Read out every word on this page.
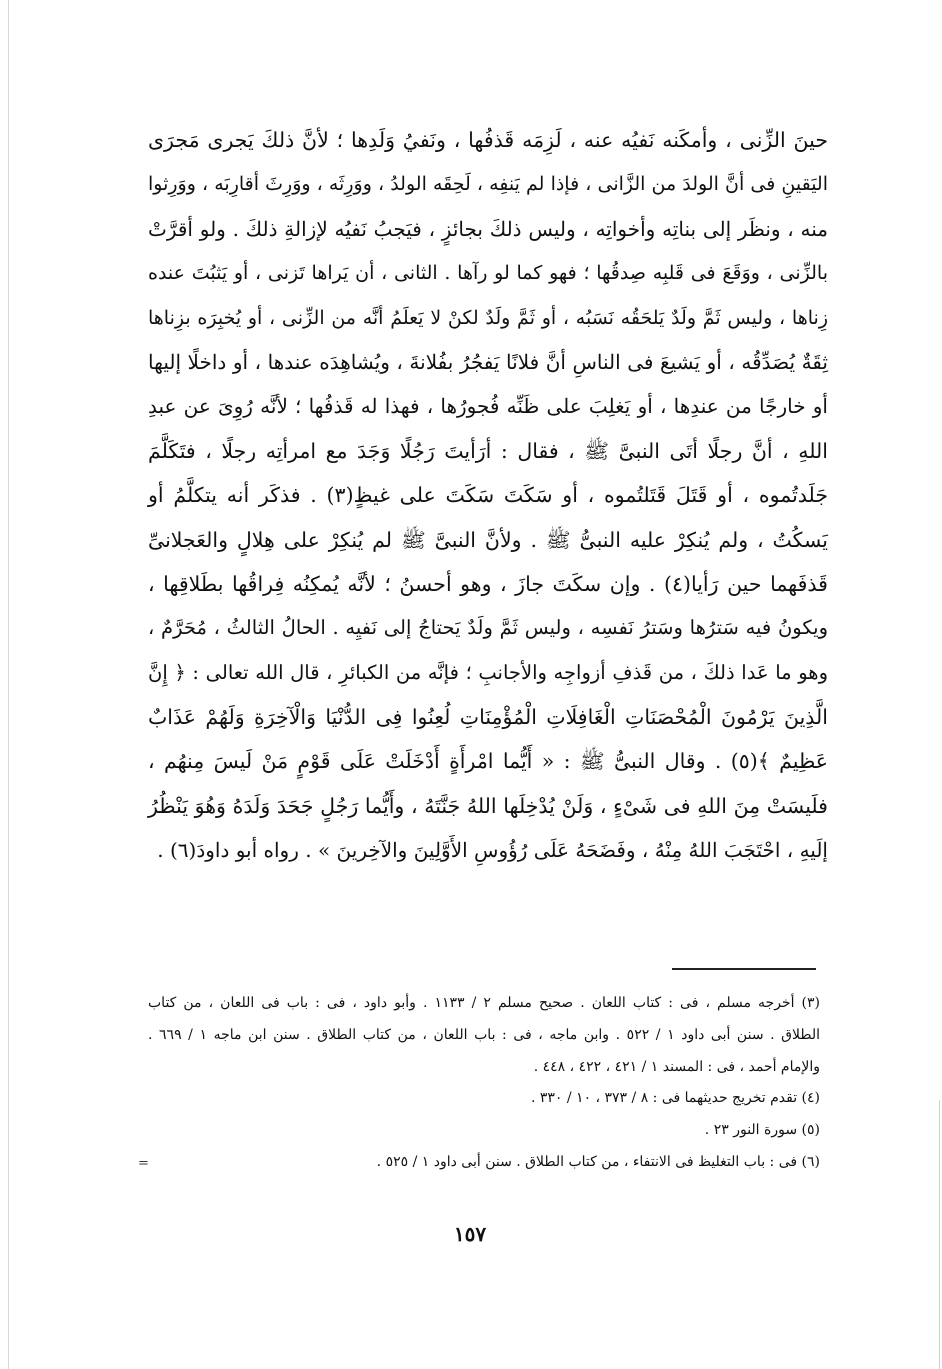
حينَ الزِّنى ، وأمكَنه نَفيُه عنه ، لَزِمَه قَذفُها ، ونَفيُ وَلَدِها ؛ لأنَّ ذلكَ يَجرى مَجرَى
اليَقينِ فى أنَّ الولدَ من الزَّانى ، فإذا لم يَنفِه ، لَحِقَه الولدُ ، ووَرِثَه ، ووَرِثَ أقارِبَه ، ووَرِثوا
منه ، ونظَر إلى بناتِه وأخواتِه ، وليس ذلكَ بجائزٍ ، فيَجبُ نَفيُه لإزالةِ ذلكَ . ولو أقرَّتْ
بالزِّنى ، ووَقَعَ فى قَلبِه صِدقُها ؛ فهو كما لو رآها . الثانى ، أن يَراها تَزنى ، أو يَثبُتَ عنده
زِناها ، وليس ثَمَّ ولَدٌ يَلحَقُه نَسَبُه ، أو ثَمَّ ولَدٌ لكنْ لا يَعلَمُ أنَّه من الزِّنى ، أو يُخبِرَه بزِناها
ثِقَةٌ يُصَدِّقُه ، أو يَشيعَ فى الناسِ أنَّ فلانًا يَفجُرُ بفُلانةَ ، ويُشاهِدَه عندها ، أو داخلًا إليها
أو خارجًا من عندِها ، أو يَغلِبَ على ظَنِّه فُجورُها ، فهذا له قَذفُها ؛ لأنَّه رُوِىَ عن عبدِ
اللهِ ، أنَّ رجلًا أتَى النبىَّ ﷺ ، فقال : أرَأيتَ رَجُلًا وَجَدَ مع امرأتِه رجلًا ، فتَكَلَّمَ
جَلَدتُموه ، أو قَتَلَ قَتَلتُموه ، أو سَكَتَ سَكَتَ على غيظٍ(٣) . فذكَر أنه يتكلَّمُ أو
يَسكُتُ ، ولم يُنكِرْ عليه النبىُّ ﷺ . ولأنَّ النبىَّ ﷺ لم يُنكِرْ على هِلالٍ والعَجلانىِّ
قَذفَهما حين رَأيا(٤) . وإن سكَتَ جازَ ، وهو أحسنُ ؛ لأنَّه يُمكِنُه فِراقُها بطَلاقِها ،
ويكونُ فيه سَترُها وسَترُ نَفسِه ، وليس ثَمَّ ولَدٌ يَحتاجُ إلى نَفيِه . الحالُ الثالثُ ، مُحَرَّمٌ ،
وهو ما عَدا ذلكَ ، من قَذفِ أزواجِه والأجانبِ ؛ فإنَّه من الكبائرِ ، قال الله تعالى : ﴿ إِنَّ
الَّذِينَ يَرْمُونَ الْمُحْصَنَاتِ الْغَافِلَاتِ الْمُؤْمِنَاتِ لُعِنُوا فِى الدُّنْيَا وَالْآخِرَةِ وَلَهُمْ عَذَابٌ
عَظِيمٌ ﴾(٥) . وقال النبىُّ ﷺ : « أَيُّما امْرأَةٍ أَدْخَلَتْ عَلَى قَوْمٍ مَنْ لَيسَ مِنهُم ،
فلَيسَتْ مِنَ اللهِ فى شَىْءٍ ، وَلَنْ يُدْخِلَها اللهُ جَنَّتَهُ ، وأَيُّما رَجُلٍ جَحَدَ وَلَدَهُ وَهُوَ يَنْظُرُ
إلَيهِ ، احْتَجَبَ اللهُ مِنْهُ ، وفَضَحَهُ عَلَى رُؤُوسِ الأَوَّلِينَ والآخِرينَ » . رواه أبو داودَ(٦) .
(٣) أخرجه مسلم ، فى : كتاب اللعان . صحيح مسلم ٢ / ١١٣٣ . وأبو داود ، فى : باب فى اللعان ، من كتاب
الطلاق . سنن أبى داود ١ / ٥٢٢ . وابن ماجه ، فى : باب اللعان ، من كتاب الطلاق . سنن ابن ماجه ١ / ٦٦٩ .
والإمام أحمد ، فى : المسند ١ / ٤٢١ ، ٤٢٢ ، ٤٤٨ .
(٤) تقدم تخريج حديثهما فى : ٨ / ٣٧٣ ، ١٠ / ٣٣٠ .
(٥) سورة النور ٢٣ .
(٦) فى : باب التغليظ فى الانتفاء ، من كتاب الطلاق . سنن أبى داود ١ / ٥٢٥ .
=
١٥٧
